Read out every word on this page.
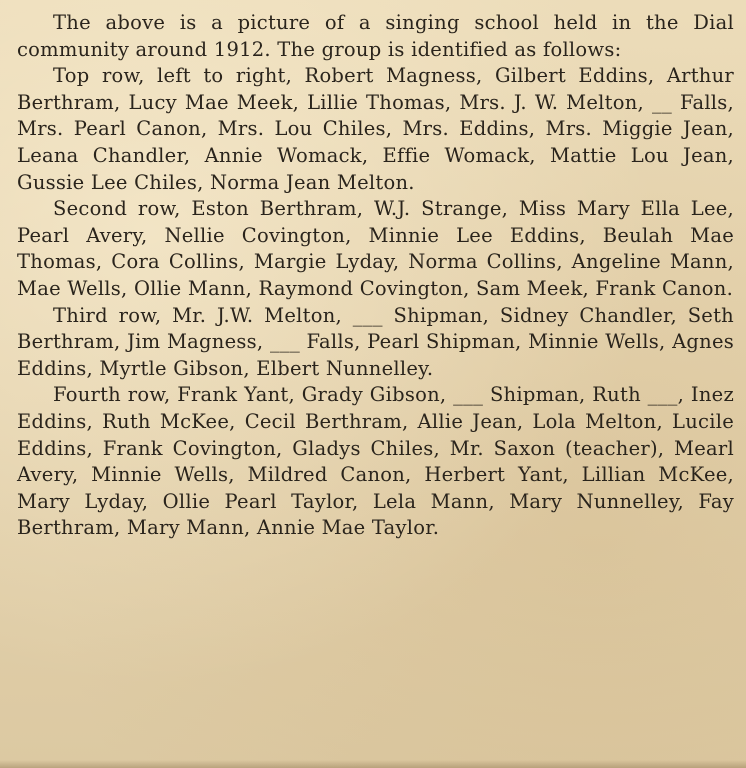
The above is a picture of a singing school held in the Dial community around 1912. The group is identified as follows:

Top row, left to right, Robert Magness, Gilbert Eddins, Arthur Berthram, Lucy Mae Meek, Lillie Thomas, Mrs. J. W. Melton, __ Falls, Mrs. Pearl Canon, Mrs. Lou Chiles, Mrs. Eddins, Mrs. Miggie Jean, Leana Chandler, Annie Womack, Effie Womack, Mattie Lou Jean, Gussie Lee Chiles, Norma Jean Melton.

Second row, Eston Berthram, W.J. Strange, Miss Mary Ella Lee, Pearl Avery, Nellie Covington, Minnie Lee Eddins, Beulah Mae Thomas, Cora Collins, Margie Lyday, Norma Collins, Angeline Mann, Mae Wells, Ollie Mann, Raymond Covington, Sam Meek, Frank Canon.

Third row, Mr. J.W. Melton, ___ Shipman, Sidney Chandler, Seth Berthram, Jim Magness, ___ Falls, Pearl Shipman, Minnie Wells, Agnes Eddins, Myrtle Gibson, Elbert Nunnelley.

Fourth row, Frank Yant, Grady Gibson, ___ Shipman, Ruth ___, Inez Eddins, Ruth McKee, Cecil Berthram, Allie Jean, Lola Melton, Lucile Eddins, Frank Covington, Gladys Chiles, Mr. Saxon (teacher), Mearl Avery, Minnie Wells, Mildred Canon, Herbert Yant, Lillian McKee, Mary Lyday, Ollie Pearl Taylor, Lela Mann, Mary Nunnelley, Fay Berthram, Mary Mann, Annie Mae Taylor.
